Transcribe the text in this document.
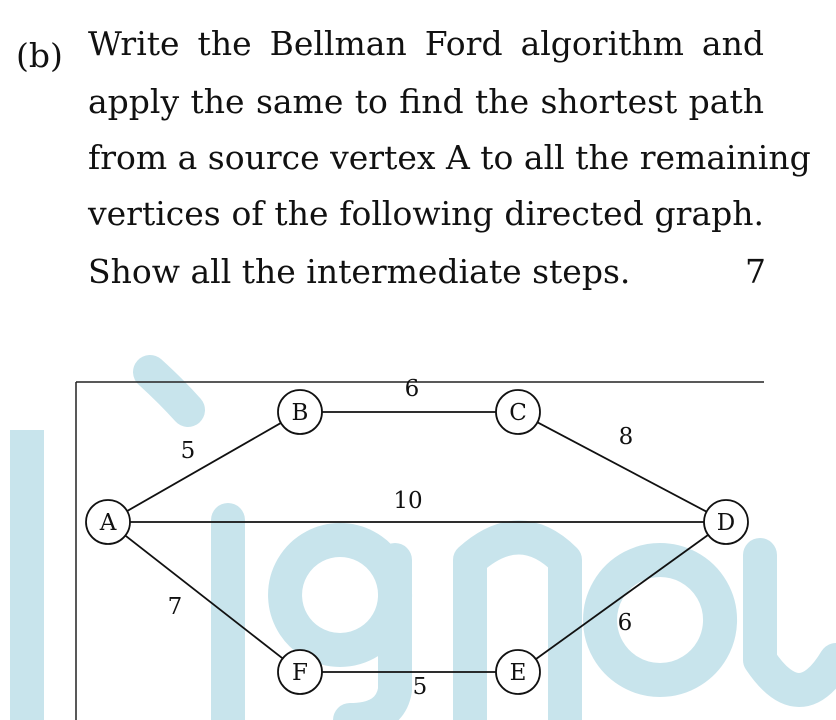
(b) Write the Bellman Ford algorithm and
apply the same to find the shortest path
from a source vertex A to all the remaining
vertices of the following directed graph.
Show all the intermediate steps.	7
5
6
8
10
7
5
6
A
B	C
D
E
F
